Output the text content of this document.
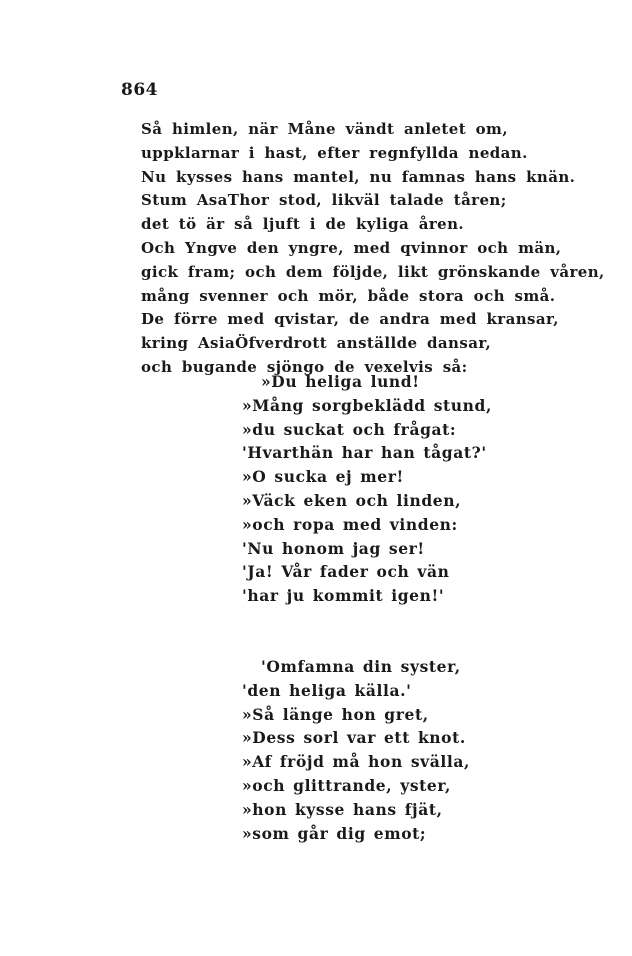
864
Så himlen, när Måne vändt anletet om,
uppklarnar i hast, efter regnfyllda nedan.
Nu kysses hans mantel, nu famnas hans knän.
Stum AsaThor stod, likväl talade tåren;
det tö är så ljuft i de kyliga åren.
Och Yngve den yngre, med qvinnor och män,
gick fram; och dem följde, likt grönskande våren,
mång svenner och mör, både stora och små.
De förre med qvistar, de andra med kransar,
kring AsiaÖfverdrott anställde dansar,
och bugande sjöngo de vexelvis så:
»Du heliga lund!
»Mång sorgbeklädd stund,
»du suckat och frågat:
'Hvarthän har han tågat?'
»O sucka ej mer!
»Väck eken och linden,
»och ropa med vinden:
'Nu honom jag ser!
'Ja! Vår fader och vän
'har ju kommit igen!'
'Omfamna din syster,
'den heliga källa.'
»Så länge hon gret,
»Dess sorl var ett knot.
»Af fröjd må hon svälla,
»och glittrande, yster,
»hon kysse hans fjät,
»som går dig emot;
